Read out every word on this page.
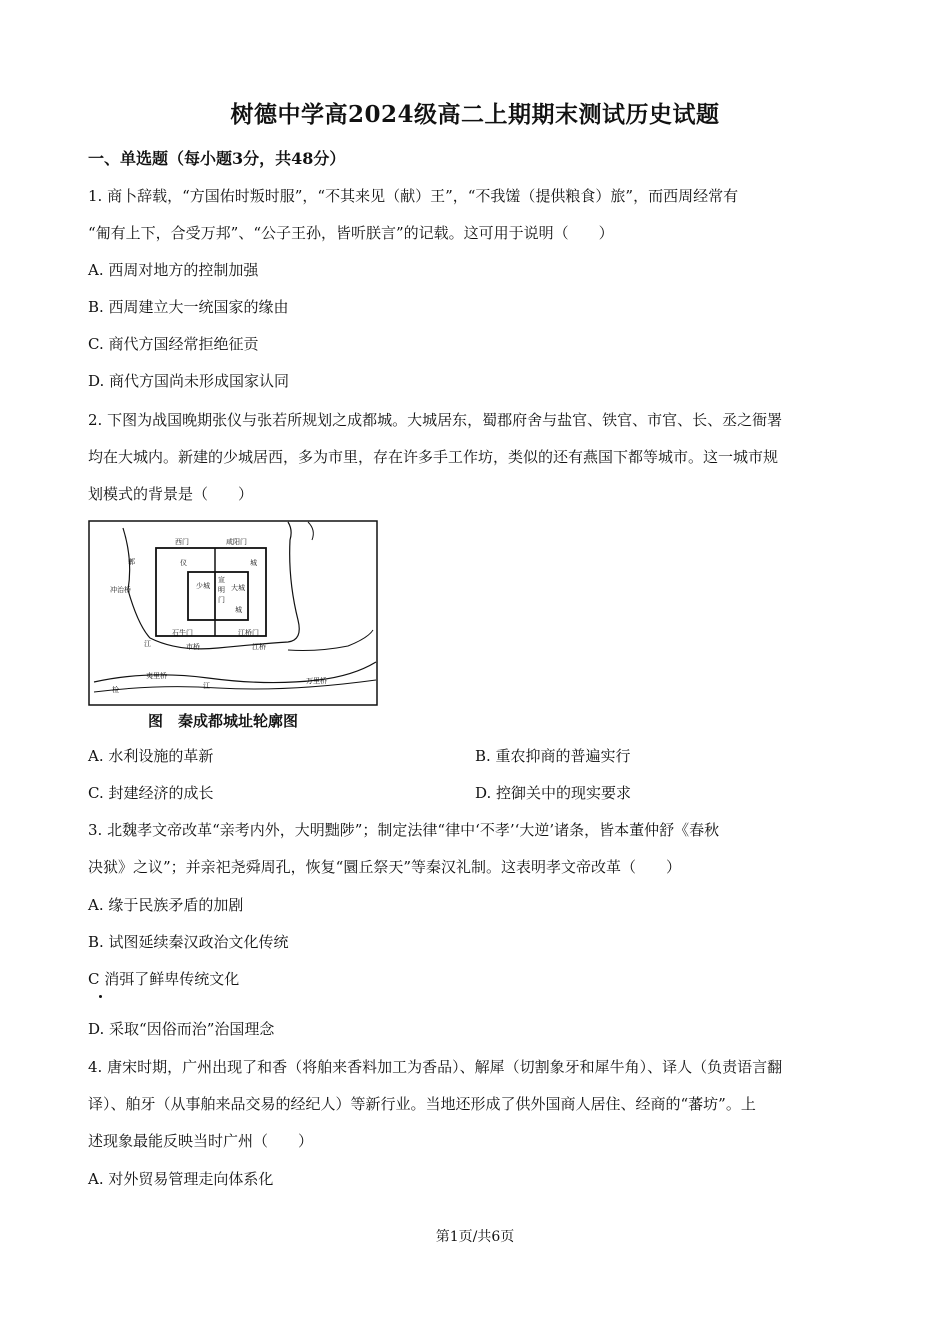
树德中学高2024级高二上期期末测试历史试题
一、单选题（每小题3分，共48分）
1. 商卜辞载，“方国佑时叛时服”，“不其来见（献）王”，“不我馐（提供粮食）旅”，而西周经常有
“匍有上下，合受万邦”、“公子王孙，皆听朕言”的记载。这可用于说明（　　）
A. 西周对地方的控制加强
B. 西周建立大一统国家的缘由
C. 商代方国经常拒绝征贡
D. 商代方国尚未形成国家认同
2. 下图为战国晚期张仪与张若所规划之成都城。大城居东，蜀郡府舍与盐官、铁官、市官、长、丞之衙署
均在大城内。新建的少城居西，多为市里，存在许多手工作坊，类似的还有燕国下都等城市。这一城市规
划模式的背景是（　　）
西门	咸阳门
仪	城
少 城
宣
明
门
大城
城
郫
冲治桥
石牛门	江桥门
市桥	江桥
江
夷里桥
万里桥
检	江
图　秦成都城址轮廓图
A. 水利设施的革新	B. 重农抑商的普遍实行
C. 封建经济的成长	D. 控御关中的现实要求
3. 北魏孝文帝改革“亲考内外，大明黜陟”；制定法律“律中‘不孝’‘大逆’诸条，皆本董仲舒《春秋
决狱》之议”；并亲祀尧舜周孔，恢复“圜丘祭天”等秦汉礼制。这表明孝文帝改革（　　）
A. 缘于民族矛盾的加剧
B. 试图延续秦汉政治文化传统
C 消弭了鲜卑传统文化
D. 采取“因俗而治”治国理念
4. 唐宋时期，广州出现了和香（将舶来香料加工为香品）、解犀（切割象牙和犀牛角）、译人（负责语言翻
译）、舶牙（从事舶来品交易的经纪人）等新行业。当地还形成了供外国商人居住、经商的“蕃坊”。上
述现象最能反映当时广州（　　）
A. 对外贸易管理走向体系化
第1页/共6页
